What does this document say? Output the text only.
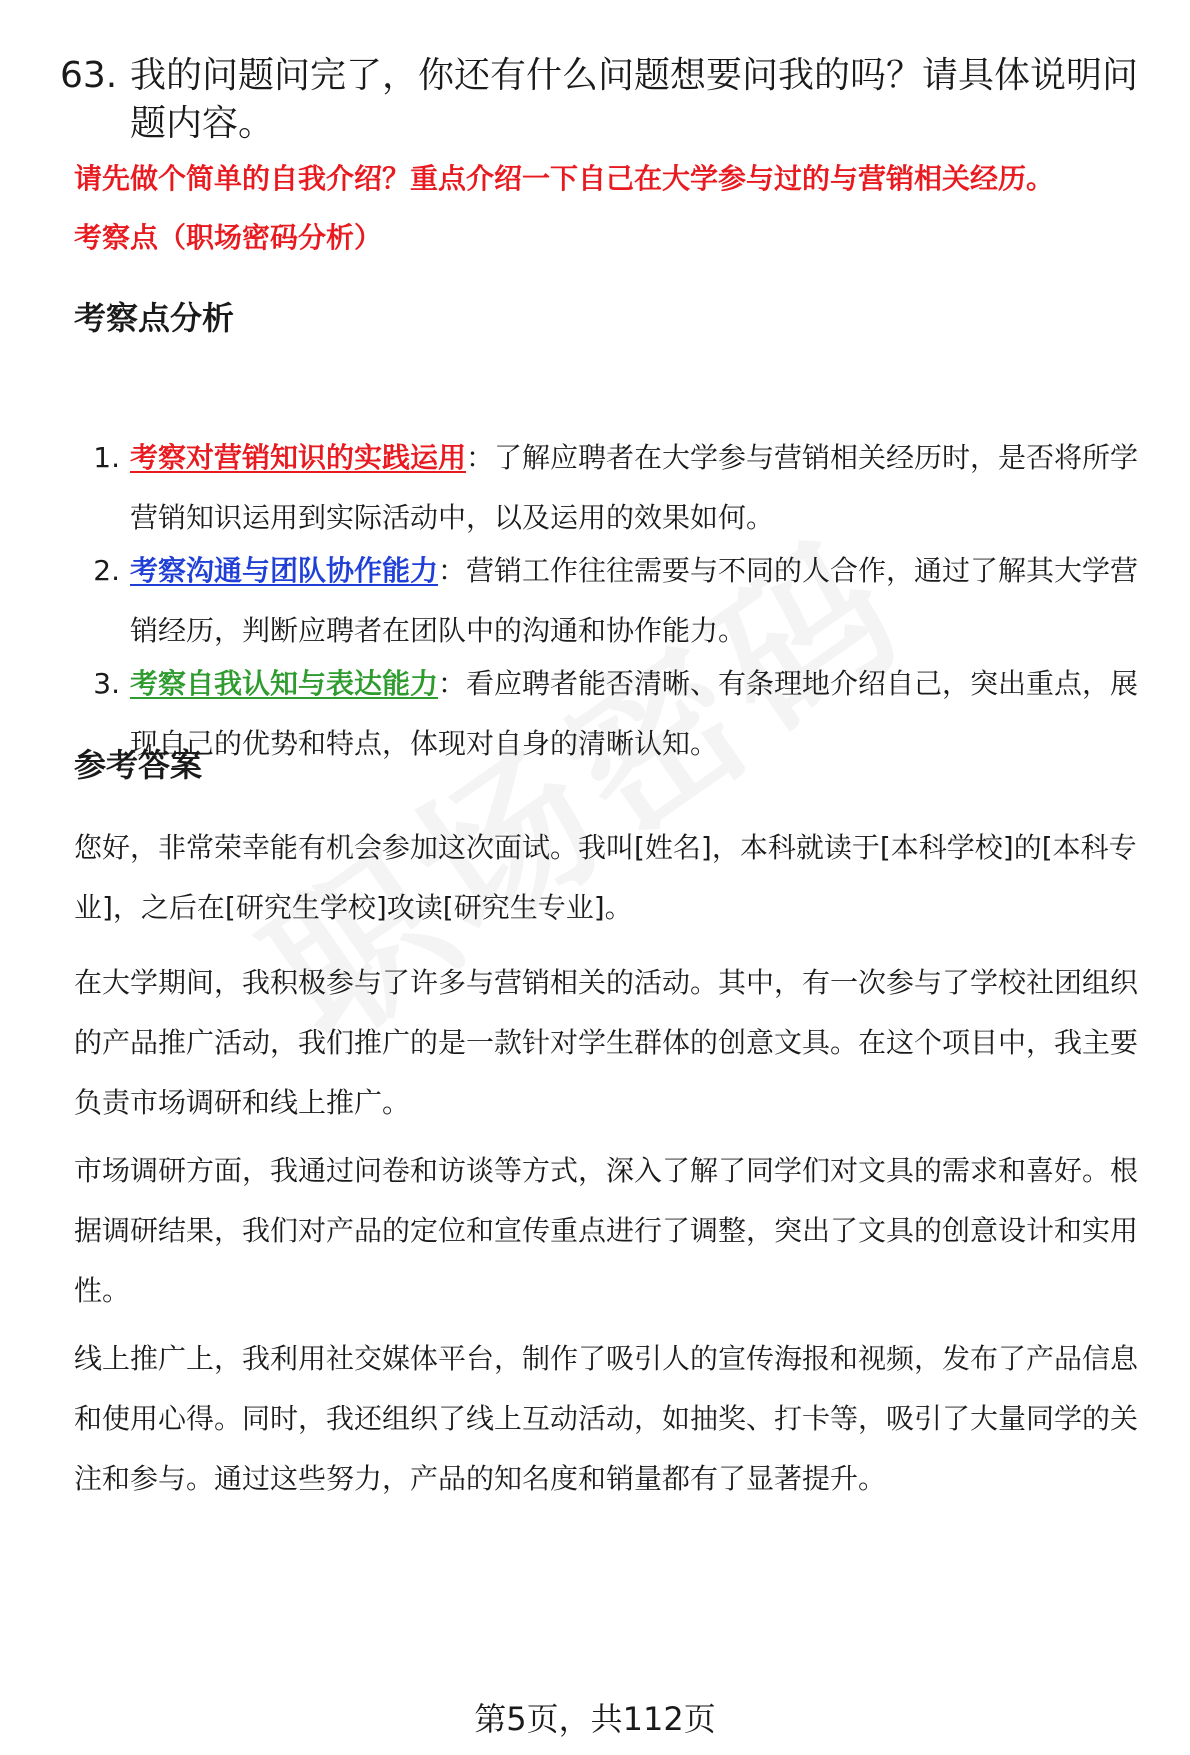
63. 我的问题问完了，你还有什么问题想要问我的吗？请具体说明问题内容。
请先做个简单的自我介绍？重点介绍一下自己在大学参与过的与营销相关经历。
考察点（职场密码分析）
考察点分析
1. 考察对营销知识的实践运用：了解应聘者在大学参与营销相关经历时，是否将所学营销知识运用到实际活动中，以及运用的效果如何。
2. 考察沟通与团队协作能力：营销工作往往需要与不同的人合作，通过了解其大学营销经历，判断应聘者在团队中的沟通和协作能力。
3. 考察自我认知与表达能力：看应聘者能否清晰、有条理地介绍自己，突出重点，展现自己的优势和特点，体现对自身的清晰认知。
参考答案
您好，非常荣幸能有机会参加这次面试。我叫[姓名]，本科就读于[本科学校]的[本科专业]，之后在[研究生学校]攻读[研究生专业]。
在大学期间，我积极参与了许多与营销相关的活动。其中，有一次参与了学校社团组织的产品推广活动，我们推广的是一款针对学生群体的创意文具。在这个项目中，我主要负责市场调研和线上推广。
市场调研方面，我通过问卷和访谈等方式，深入了解了同学们对文具的需求和喜好。根据调研结果，我们对产品的定位和宣传重点进行了调整，突出了文具的创意设计和实用性。
线上推广上，我利用社交媒体平台，制作了吸引人的宣传海报和视频，发布了产品信息和使用心得。同时，我还组织了线上互动活动，如抽奖、打卡等，吸引了大量同学的关注和参与。通过这些努力，产品的知名度和销量都有了显著提升。
第5页，共112页
